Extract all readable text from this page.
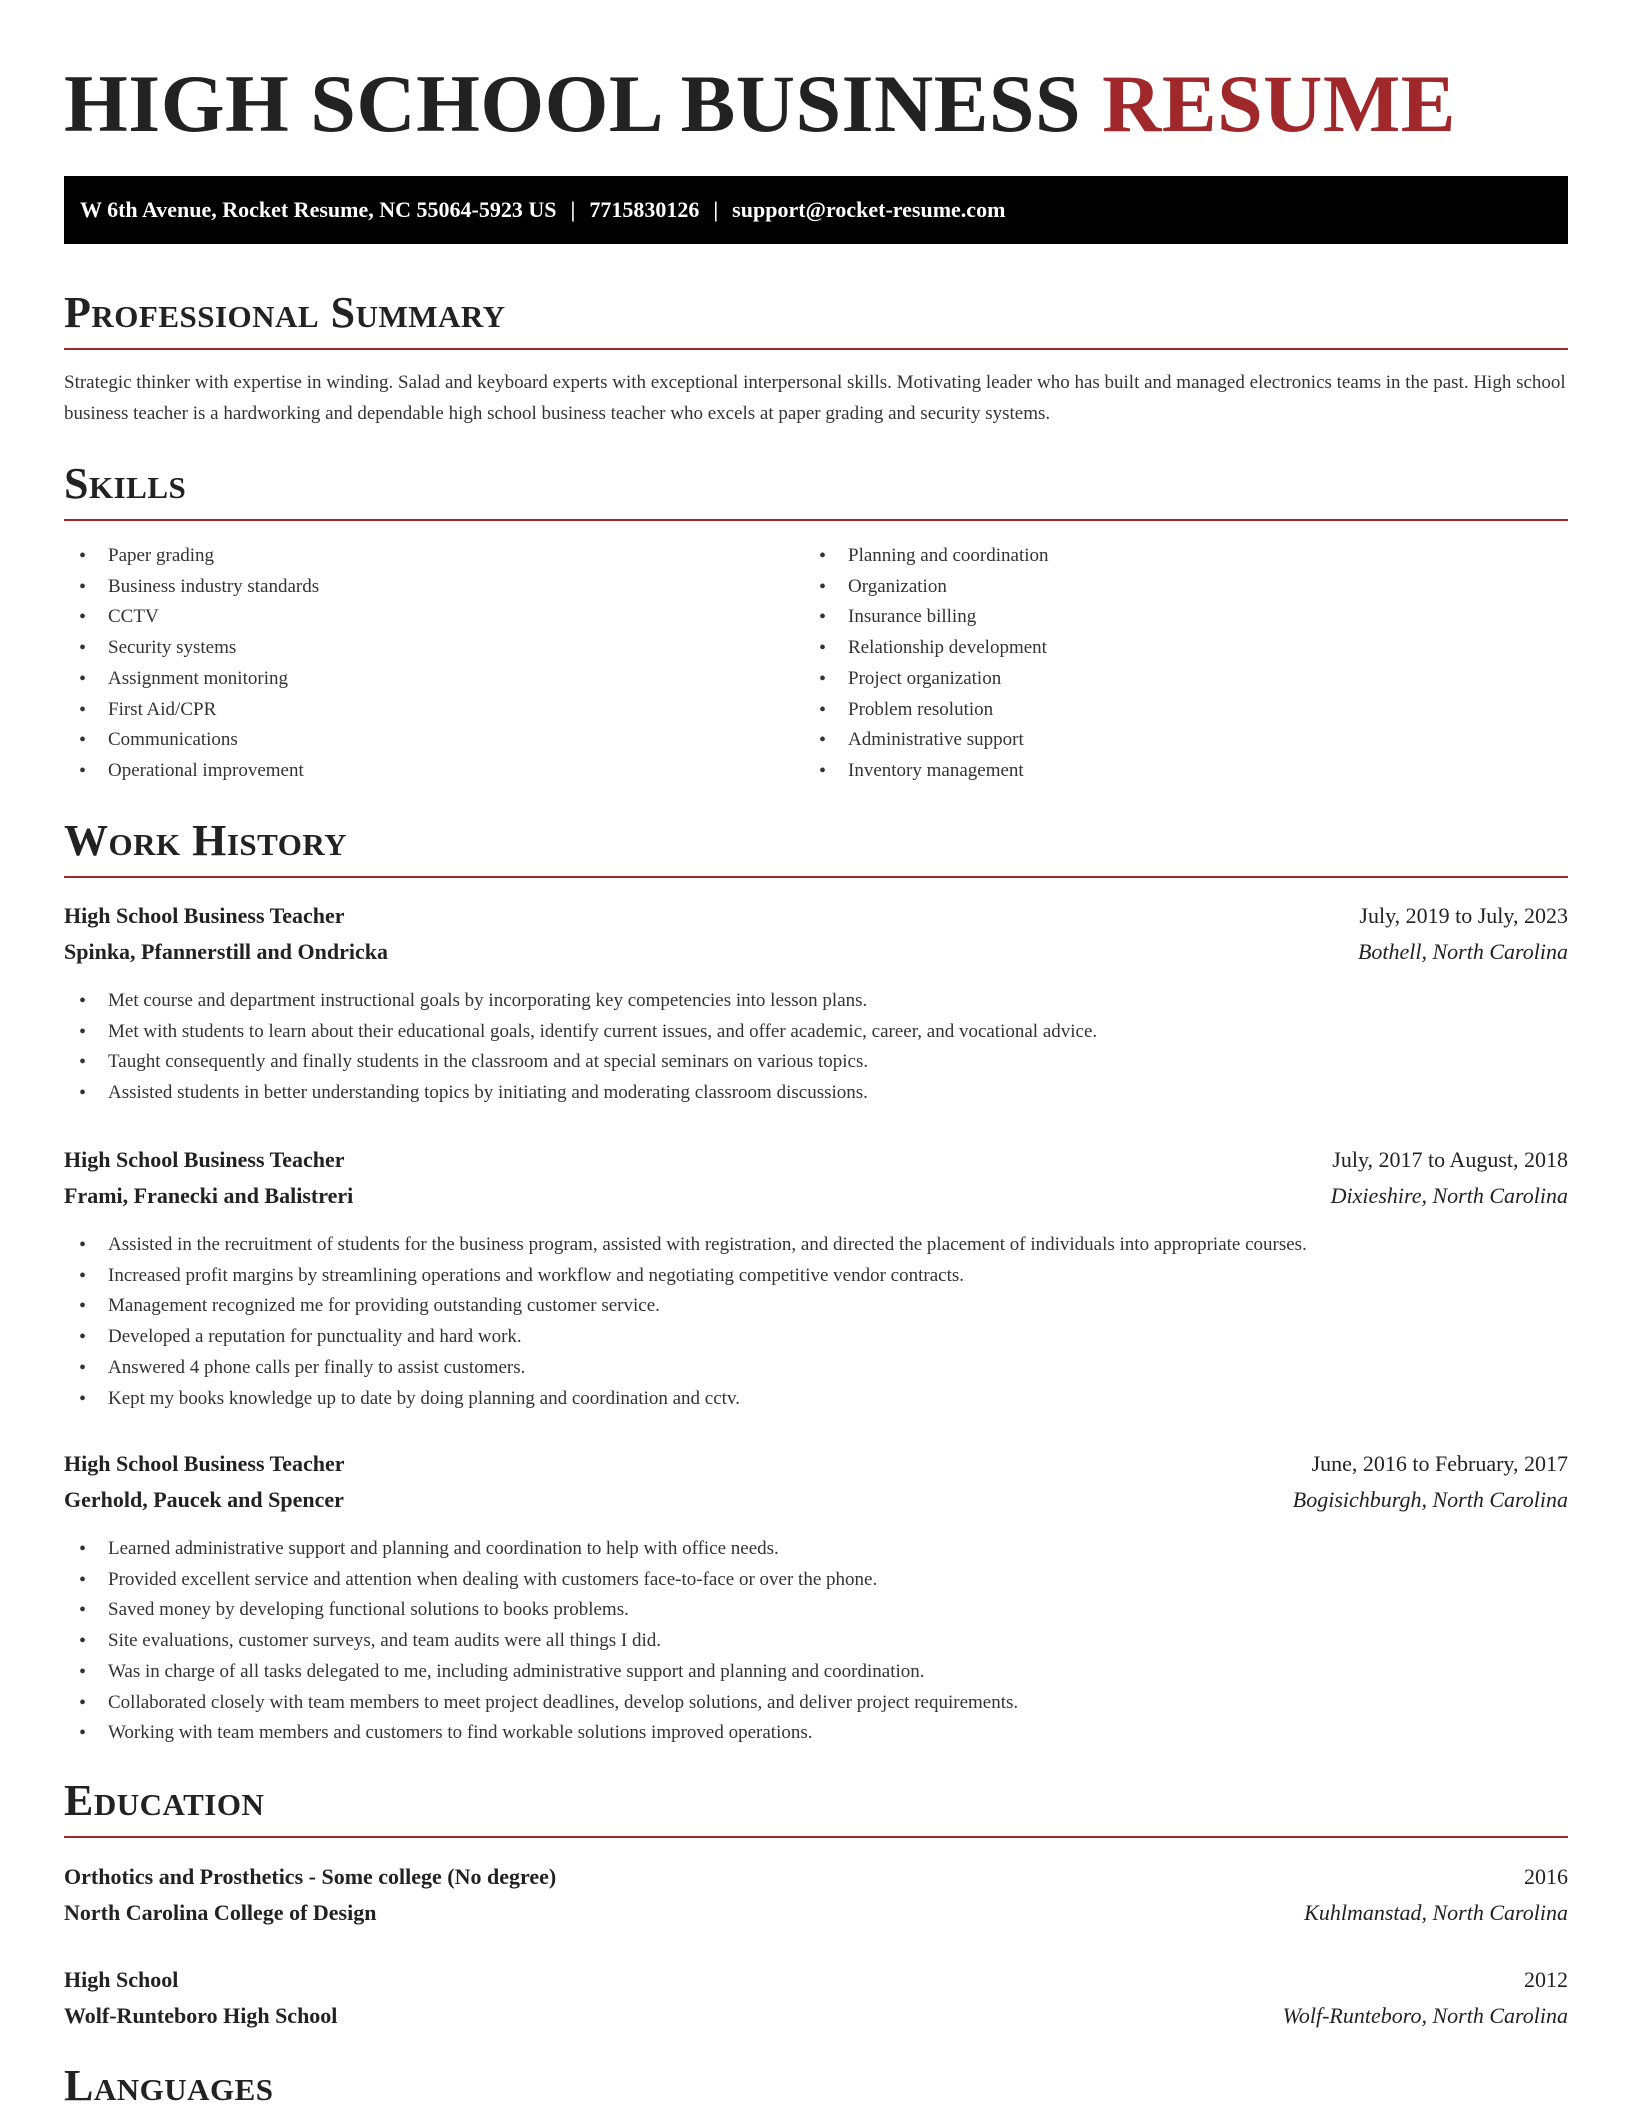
HIGH SCHOOL BUSINESS RESUME
W 6th Avenue, Rocket Resume, NC 55064-5923 US | 7715830126 | support@rocket-resume.com
Professional Summary

Strategic thinker with expertise in winding. Salad and keyboard experts with exceptional interpersonal skills. Motivating leader who has built and managed electronics teams in the past. High school business teacher is a hardworking and dependable high school business teacher who excels at paper grading and security systems.

Skills
• Paper grading
• Business industry standards
• CCTV
• Security systems
• Assignment monitoring
• First Aid/CPR
• Communications
• Operational improvement
• Planning and coordination
• Organization
• Insurance billing
• Relationship development
• Project organization
• Problem resolution
• Administrative support
• Inventory management
Work History
High School Business Teacher	July, 2019 to July, 2023
Spinka, Pfannerstill and Ondricka	Bothell, North Carolina
• Met course and department instructional goals by incorporating key competencies into lesson plans.
• Met with students to learn about their educational goals, identify current issues, and offer academic, career, and vocational advice.
• Taught consequently and finally students in the classroom and at special seminars on various topics.
• Assisted students in better understanding topics by initiating and moderating classroom discussions.
High School Business Teacher	July, 2017 to August, 2018
Frami, Franecki and Balistreri	Dixieshire, North Carolina
• Assisted in the recruitment of students for the business program, assisted with registration, and directed the placement of individuals into appropriate courses.
• Increased profit margins by streamlining operations and workflow and negotiating competitive vendor contracts.
• Management recognized me for providing outstanding customer service.
• Developed a reputation for punctuality and hard work.
• Answered 4 phone calls per finally to assist customers.
• Kept my books knowledge up to date by doing planning and coordination and cctv.
High School Business Teacher	June, 2016 to February, 2017
Gerhold, Paucek and Spencer	Bogisichburgh, North Carolina
• Learned administrative support and planning and coordination to help with office needs.
• Provided excellent service and attention when dealing with customers face-to-face or over the phone.
• Saved money by developing functional solutions to books problems.
• Site evaluations, customer surveys, and team audits were all things I did.
• Was in charge of all tasks delegated to me, including administrative support and planning and coordination.
• Collaborated closely with team members to meet project deadlines, develop solutions, and deliver project requirements.
• Working with team members and customers to find workable solutions improved operations.
Education
Orthotics and Prosthetics - Some college (No degree)	2016
North Carolina College of Design	Kuhlmanstad, North Carolina
High School	2012
Wolf-Runteboro High School	Wolf-Runteboro, North Carolina
Languages
